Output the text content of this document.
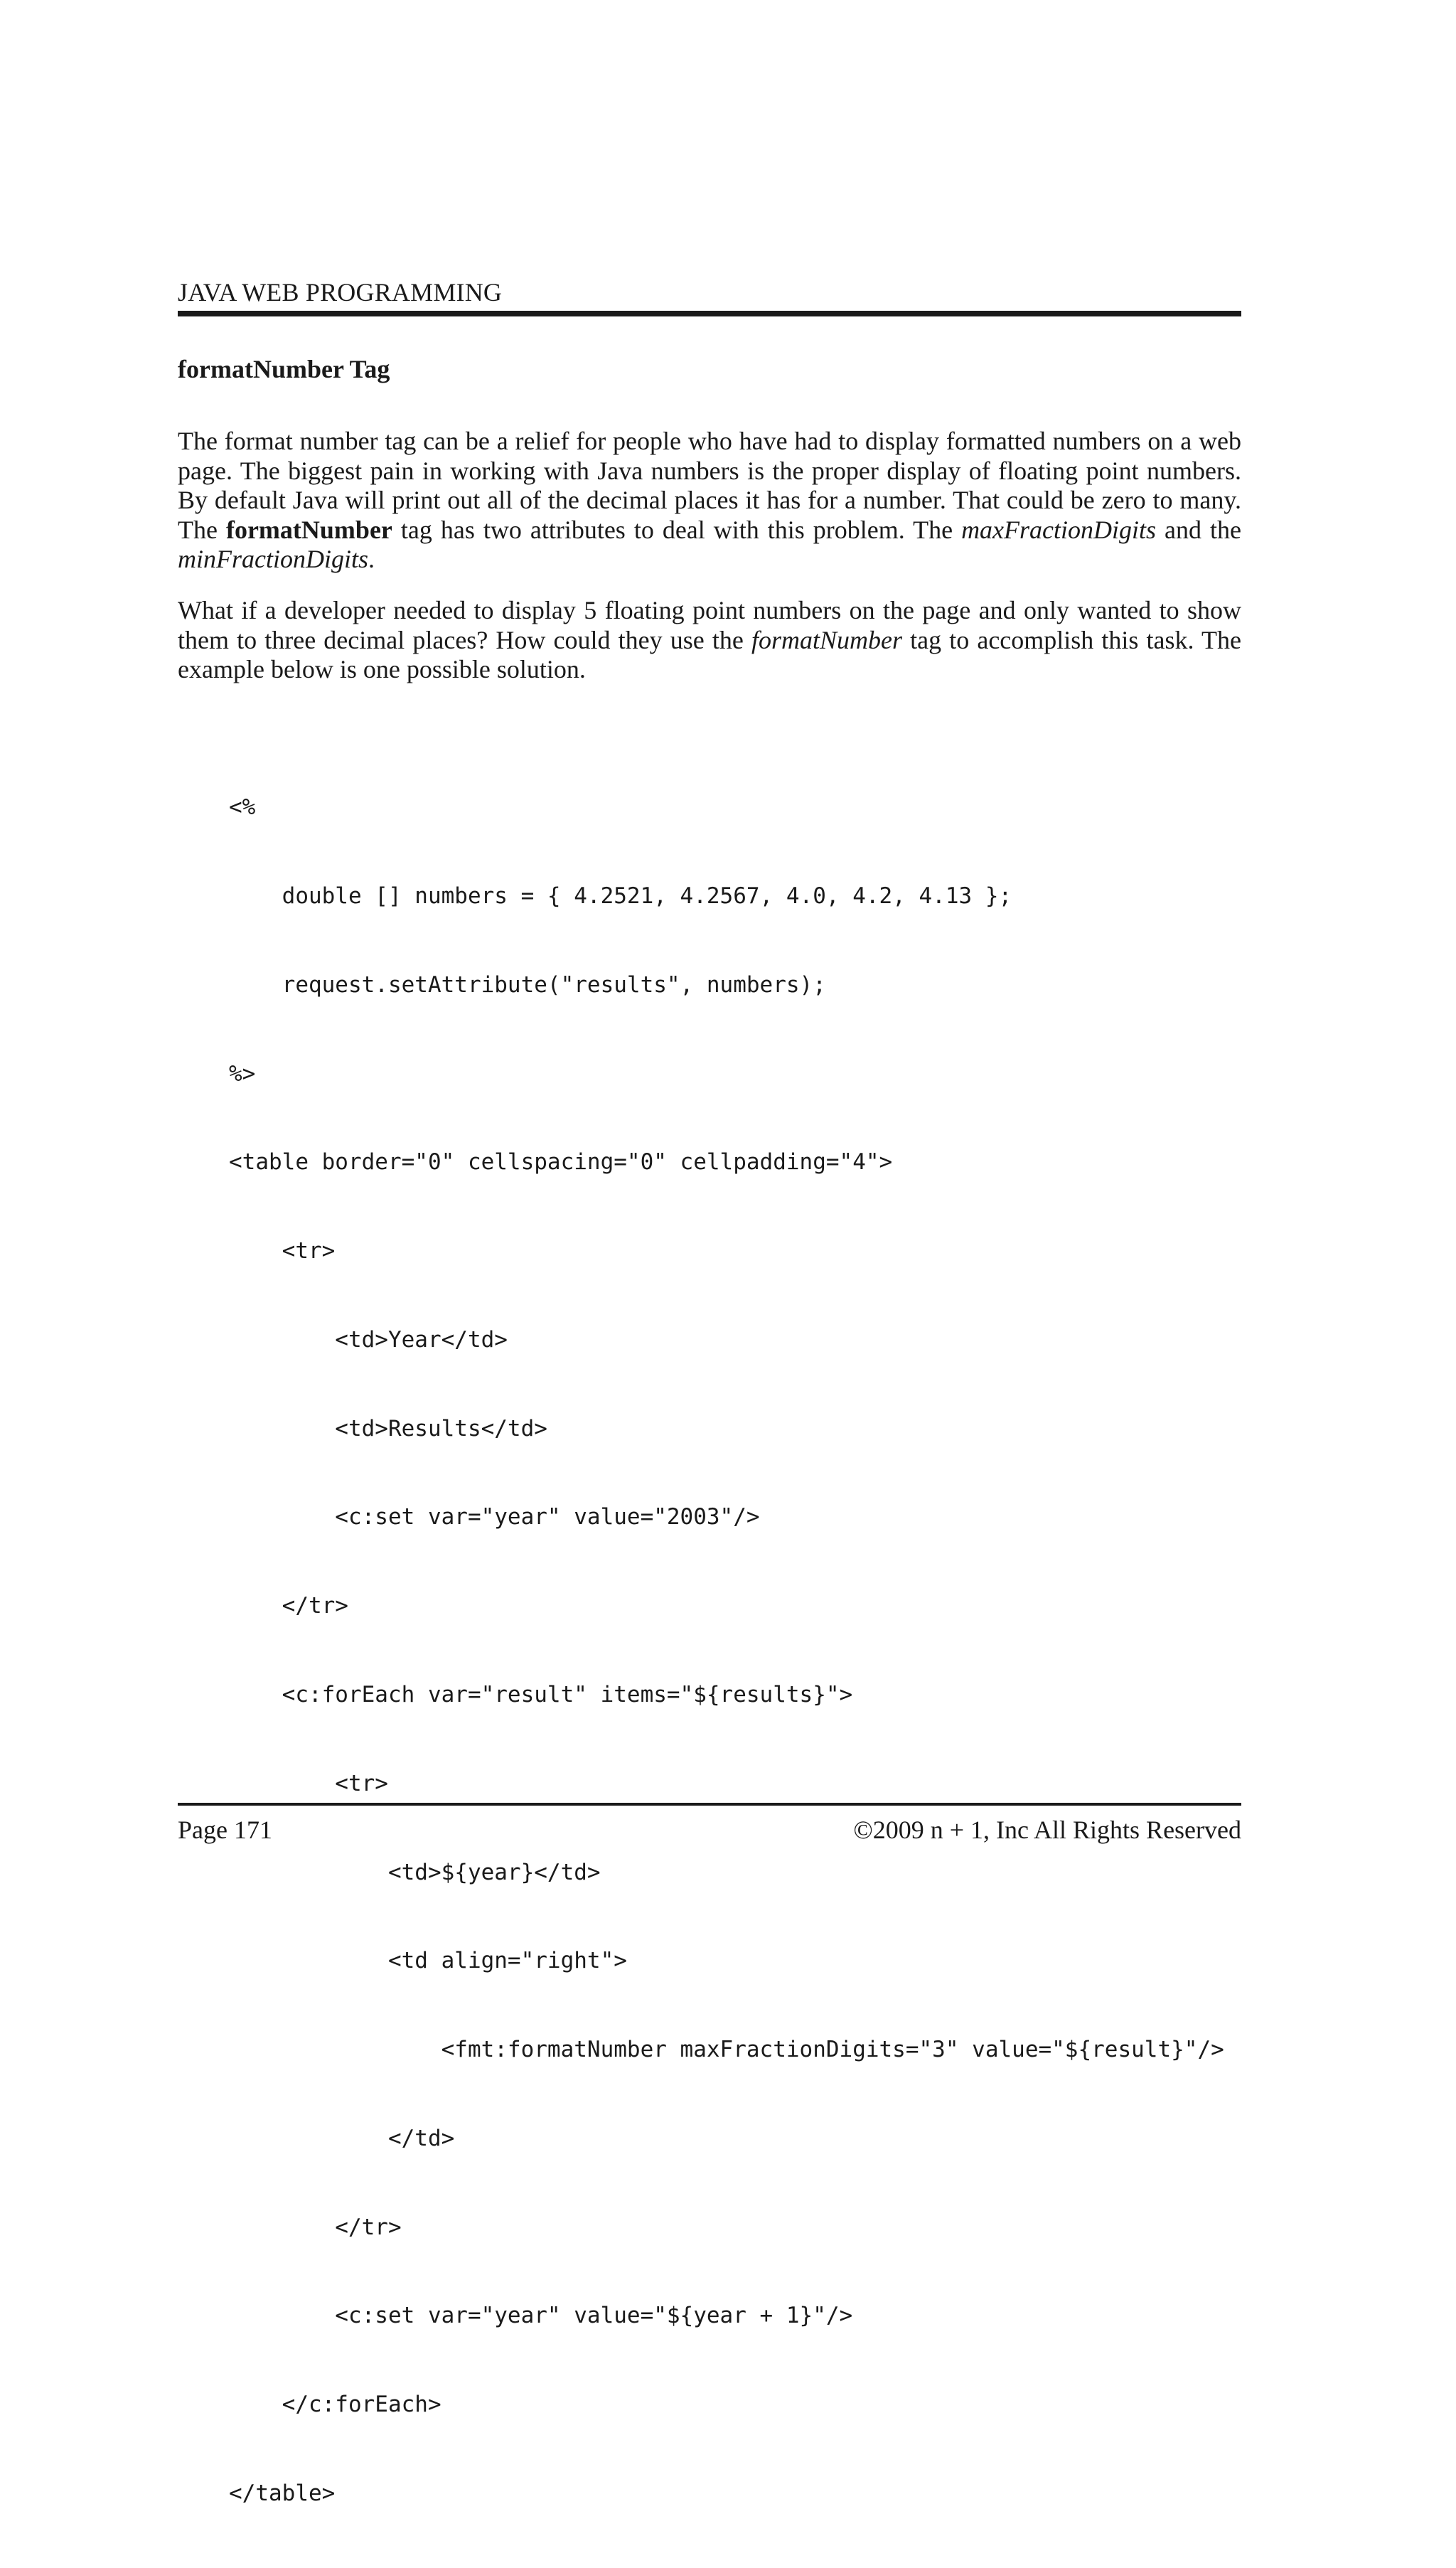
JAVA WEB PROGRAMMING
formatNumber Tag

The format number tag can be a relief for people who have had to display formatted numbers on a web page. The biggest pain in working with Java numbers is the proper display of floating point numbers. By default Java will print out all of the decimal places it has for a number. That could be zero to many. The formatNumber tag has two attributes to deal with this problem. The maxFractionDigits and the minFractionDigits.

What if a developer needed to display 5 floating point numbers on the page and only wanted to show them to three decimal places? How could they use the formatNumber tag to accomplish this task. The example below is one possible solution.

<%

double [] numbers = { 4.2521, 4.2567, 4.0, 4.2, 4.13 };

request.setAttribute("results", numbers);

%>

<table border="0" cellspacing="0" cellpadding="4">

<tr>

<td>Year</td>

<td>Results</td>

<c:set var="year" value="2003"/>

</tr>

<c:forEach var="result" items="${results}">

<tr>

<td>${year}</td>

<td align="right">

<fmt:formatNumber maxFractionDigits="3" value="${result}"/>

</td>

</tr>

<c:set var="year" value="${year + 1}"/>

</c:forEach>

</table>

Page 171	©2009 n + 1, Inc All Rights Reserved
